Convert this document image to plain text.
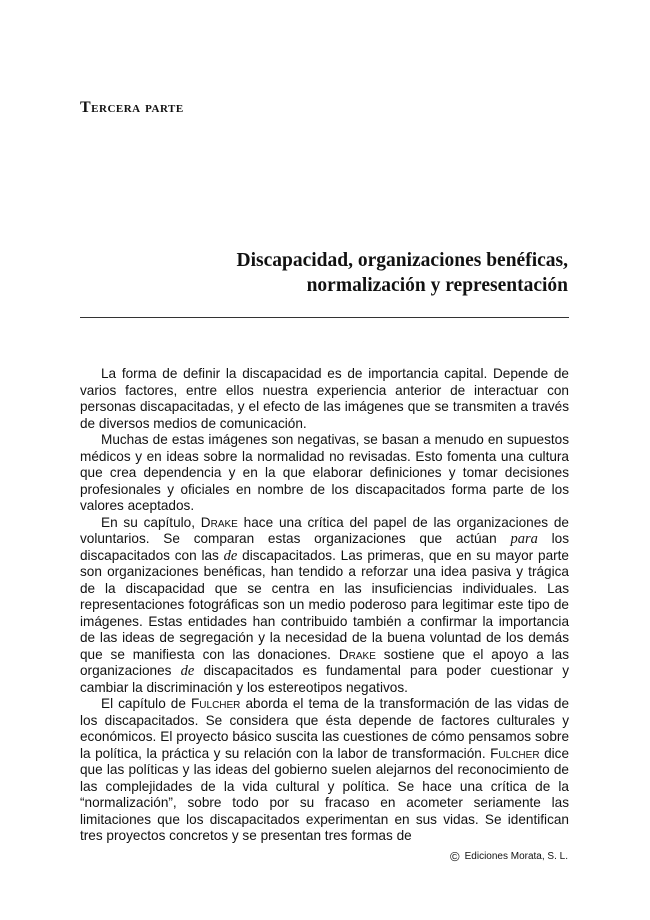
Tercera parte
Discapacidad, organizaciones benéficas,
normalización y representación

La forma de definir la discapacidad es de importancia capital. Depende de varios factores, entre ellos nuestra experiencia anterior de interactuar con personas discapacitadas, y el efecto de las imágenes que se transmiten a través de diversos medios de comunicación.

Muchas de estas imágenes son negativas, se basan a menudo en supuestos médicos y en ideas sobre la normalidad no revisadas. Esto fomenta una cultura que crea dependencia y en la que elaborar definiciones y tomar decisiones profesionales y oficiales en nombre de los discapacitados forma parte de los valores aceptados.

En su capítulo, Drake hace una crítica del papel de las organizaciones de voluntarios. Se comparan estas organizaciones que actúan para los discapacitados con las de discapacitados. Las primeras, que en su mayor parte son organizaciones benéficas, han tendido a reforzar una idea pasiva y trágica de la discapacidad que se centra en las insuficiencias individuales. Las representaciones fotográficas son un medio poderoso para legitimar este tipo de imágenes. Estas entidades han contribuido también a confirmar la importancia de las ideas de segregación y la necesidad de la buena voluntad de los demás que se manifiesta con las donaciones. Drake sostiene que el apoyo a las organizaciones de discapacitados es fundamental para poder cuestionar y cambiar la discriminación y los estereotipos negativos.

El capítulo de Fulcher aborda el tema de la transformación de las vidas de los discapacitados. Se considera que ésta depende de factores culturales y económicos. El proyecto básico suscita las cuestiones de cómo pensamos sobre la política, la práctica y su relación con la labor de transformación. Fulcher dice que las políticas y las ideas del gobierno suelen alejarnos del reconocimiento de las complejidades de la vida cultural y política. Se hace una crítica de la “normalización”, sobre todo por su fracaso en acometer seriamente las limitaciones que los discapacitados experimentan en sus vidas. Se identifican tres proyectos concretos y se presentan tres formas de

© Ediciones Morata, S. L.
